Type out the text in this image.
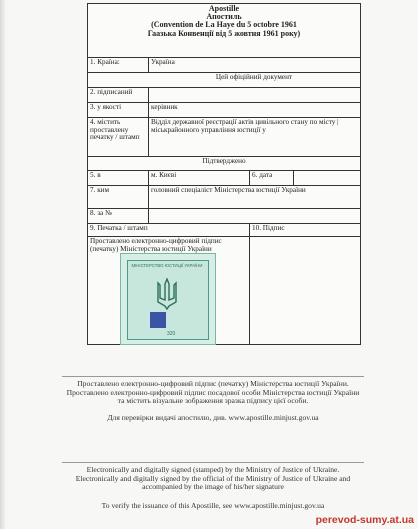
Apostille
Апостиль
(Convention de La Haye du 5 octobre 1961
Гаазька Конвенції від 5 жовтня 1961 року)
1. Країна:	Україна
Цей офіційний документ
2. підписаний
3. у якості	керівник
4. містить проставлену печатку / штамп
Відділ державної реєстрації актів цивільного стану по місту | міськрайонного управління юстиції у
Підтверджено
5. в	м. Києві	6. дата
7. ким	головний спеціаліст Міністерства юстиції України
8. за №
9. Печатка / штамп	10. Підпис
Проставлено електронно-цифровий підпис (печатку) Міністерства юстиції України
МІНІСТЕРСТВО ЮСТИЦІЇ УКРАЇНИ
320
Проставлено електронно-цифровий підпис (печатку) Міністерства юстиції України.
Проставлено електронно-цифровий підпис посадової особи Міністерства юстиції України
та містить візуальне зображення зразка підпису цієї особи.
Для перевірки видачі апостилю, див. www.apostille.minjust.gov.ua
Electronically and digitally signed (stamped) by the Ministry of Justice of Ukraine.
Electronically and digitally signed by the official of the Ministry of Justice of Ukraine and
accompanied by the image of his/her signature
To verify the issuance of this Apostille, see www.apostille.minjust.gov.ua
perevod-sumy.at.ua
